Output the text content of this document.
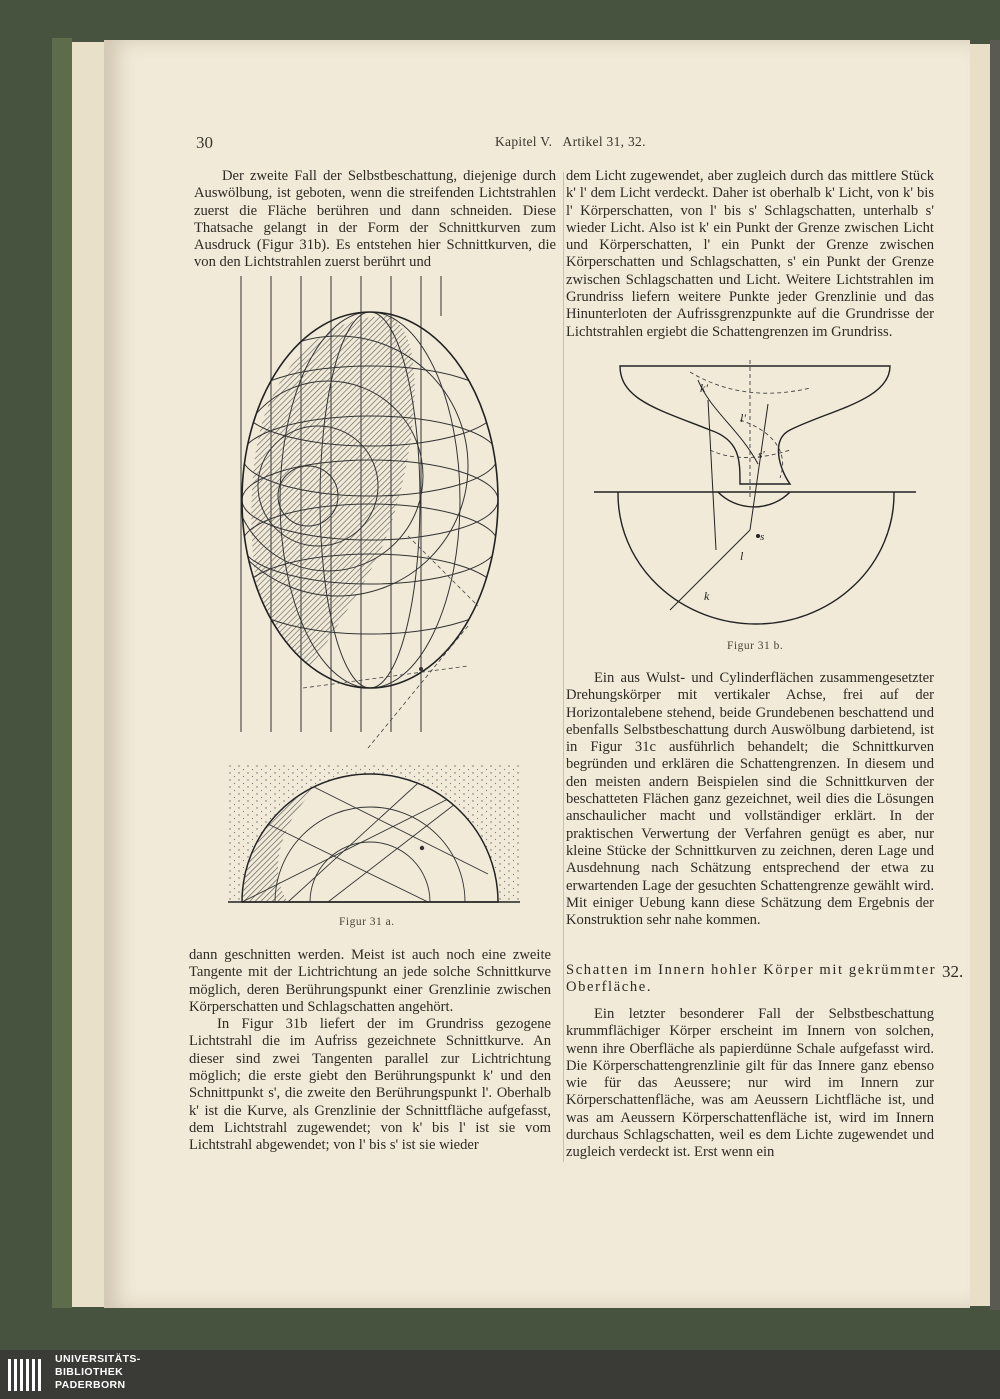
30	Kapitel V.   Artikel 31, 32.

Der zweite Fall der Selbstbeschattung, diejenige durch Auswölbung, ist geboten, wenn die streifenden Lichtstrahlen zuerst die Fläche berühren und dann schneiden. Diese Thatsache gelangt in der Form der Schnittkurven zum Ausdruck (Figur 31b). Es entstehen hier Schnittkurven, die von den Lichtstrahlen zuerst berührt und

Figur 31 a.

dann geschnitten werden. Meist ist auch noch eine zweite Tangente mit der Lichtrichtung an jede solche Schnittkurve möglich, deren Berührungspunkt einer Grenzlinie zwischen Körperschatten und Schlagschatten angehört.

In Figur 31b liefert der im Grundriss gezogene Lichtstrahl die im Aufriss gezeichnete Schnittkurve. An dieser sind zwei Tangenten parallel zur Lichtrichtung möglich; die erste giebt den Berührungspunkt k' und den Schnittpunkt s', die zweite den Berührungspunkt l'. Oberhalb k' ist die Kurve, als Grenzlinie der Schnittfläche aufgefasst, dem Lichtstrahl zugewendet; von k' bis l' ist sie vom Lichtstrahl abgewendet; von l' bis s' ist sie wieder

dem Licht zugewendet, aber zugleich durch das mittlere Stück k' l' dem Licht verdeckt. Daher ist oberhalb k' Licht, von k' bis l' Körperschatten, von l' bis s' Schlagschatten, unterhalb s' wieder Licht. Also ist k' ein Punkt der Grenze zwischen Licht und Körperschatten, l' ein Punkt der Grenze zwischen Körperschatten und Schlagschatten, s' ein Punkt der Grenze zwischen Schlagschatten und Licht. Weitere Lichtstrahlen im Grundriss liefern weitere Punkte jeder Grenzlinie und das Hinunterloten der Aufrissgrenzpunkte auf die Grundrisse der Lichtstrahlen ergiebt die Schattengrenzen im Grundriss.

k'
l'
s'
s
l
k
Figur 31 b.

Ein aus Wulst- und Cylinderflächen zusammengesetzter Drehungskörper mit vertikaler Achse, frei auf der Horizontalebene stehend, beide Grundebenen beschattend und ebenfalls Selbstbeschattung durch Auswölbung darbietend, ist in Figur 31c ausführlich behandelt; die Schnittkurven begründen und erklären die Schattengrenzen. In diesem und den meisten andern Beispielen sind die Schnittkurven der beschatteten Flächen ganz gezeichnet, weil dies die Lösungen anschaulicher macht und vollständiger erklärt. In der praktischen Verwertung der Verfahren genügt es aber, nur kleine Stücke der Schnittkurven zu zeichnen, deren Lage und Ausdehnung nach Schätzung entsprechend der etwa zu erwartenden Lage der gesuchten Schattengrenze gewählt wird. Mit einiger Uebung kann diese Schätzung dem Ergebnis der Konstruktion sehr nahe kommen.

Schatten im Innern hohler Körper mit gekrümmter Oberfläche.
32.

Ein letzter besonderer Fall der Selbstbeschattung krummflächiger Körper erscheint im Innern von solchen, wenn ihre Oberfläche als papierdünne Schale aufgefasst wird. Die Körperschattengrenzlinie gilt für das Innere ganz ebenso wie für das Aeussere; nur wird im Innern zur Körperschattenfläche, was am Aeussern Lichtfläche ist, und was am Aeussern Körperschattenfläche ist, wird im Innern durchaus Schlagschatten, weil es dem Lichte zugewendet und zugleich verdeckt ist. Erst wenn ein

UNIVERSITÄTS-
BIBLIOTHEK
PADERBORN
